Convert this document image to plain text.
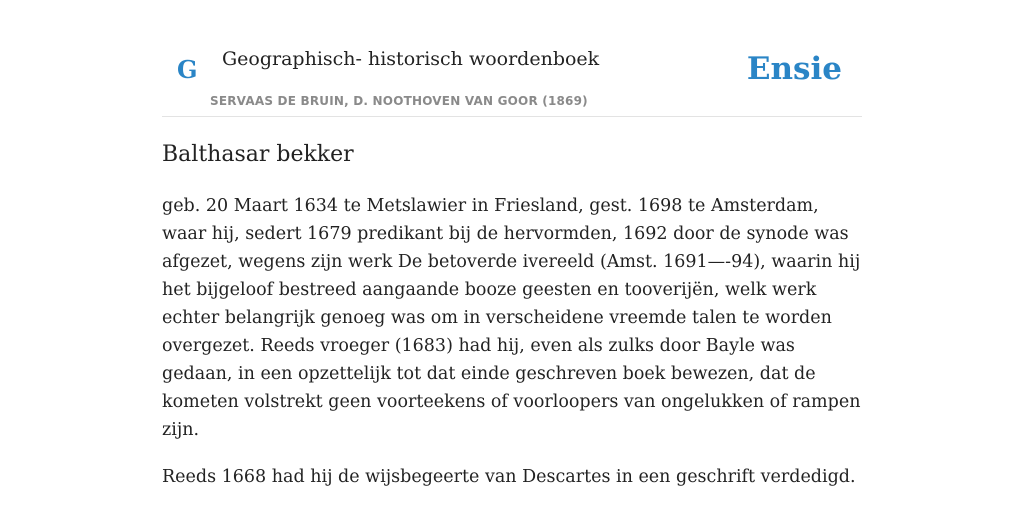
G Geographisch- historisch woordenboek
SERVAAS DE BRUIN, D. NOOTHOVEN VAN GOOR (1869)
Ensie
Balthasar bekker

geb. 20 Maart 1634 te Metslawier in Friesland, gest. 1698 te Amsterdam, waar hij, sedert 1679 predikant bij de hervormden, 1692 door de synode was afgezet, wegens zijn werk De betoverde ivereeld (Amst. 1691—-94), waarin hij het bijgeloof bestreed aangaande booze geesten en tooverijën, welk werk echter belangrijk genoeg was om in verscheidene vreemde talen te worden overgezet. Reeds vroeger (1683) had hij, even als zulks door Bayle was gedaan, in een opzettelijk tot dat einde geschreven boek bewezen, dat de kometen volstrekt geen voorteekens of voorloopers van ongelukken of rampen zijn.

Reeds 1668 had hij de wijsbegeerte van Descartes in een geschrift verdedigd.
